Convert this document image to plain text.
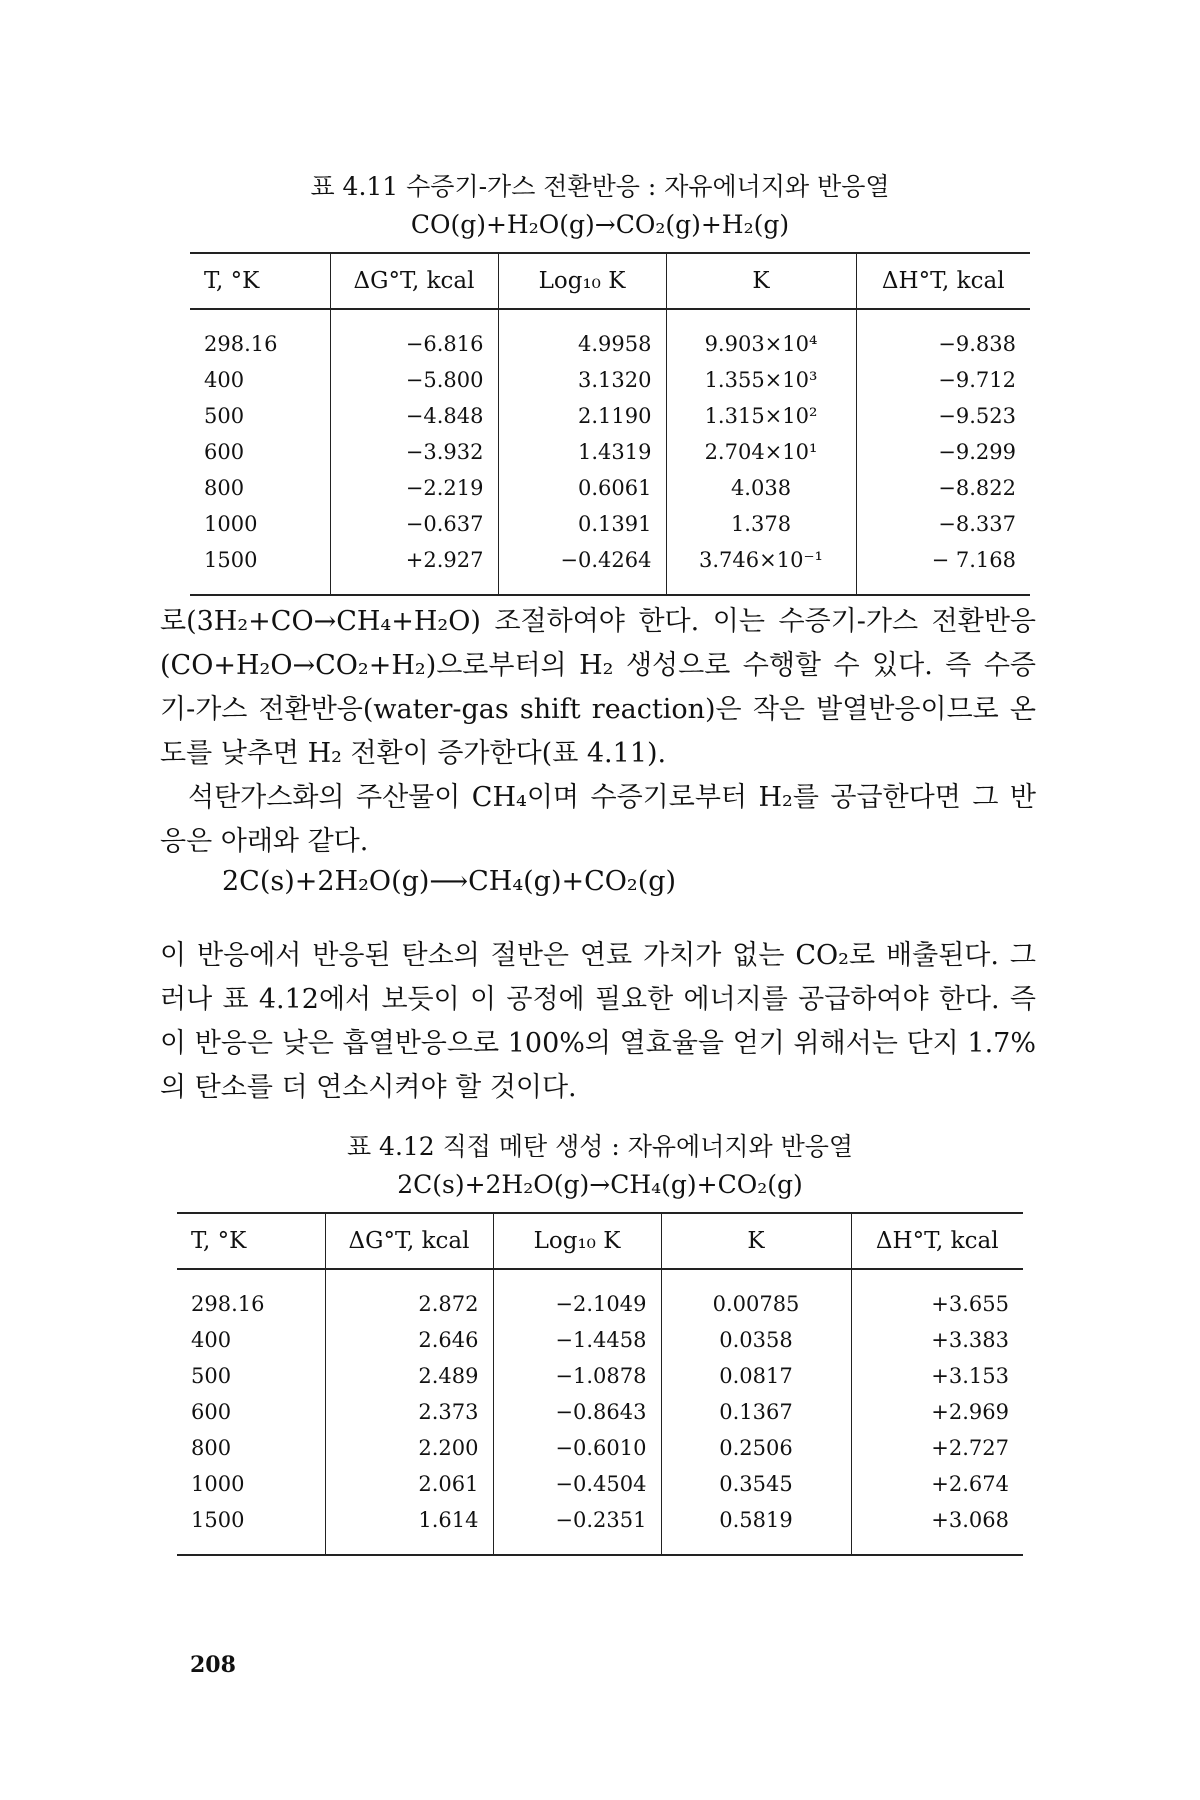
표 4.11 수증기-가스 전환반응 : 자유에너지와 반응열
CO(g)+H₂O(g)→CO₂(g)+H₂(g)
T, °K	ΔG°T, kcal	Log₁₀ K	K	ΔH°T, kcal
298.16	−6.816	4.9958	9.903×10⁴	−9.838
400	−5.800	3.1320	1.355×10³	−9.712
500	−4.848	2.1190	1.315×10²	−9.523
600	−3.932	1.4319	2.704×10¹	−9.299
800	−2.219	0.6061	4.038	−8.822
1000	−0.637	0.1391	1.378	−8.337
1500	+2.927	−0.4264	3.746×10⁻¹	− 7.168

로(3H₂+CO→CH₄+H₂O) 조절하여야 한다. 이는 수증기-가스 전환반응(CO+H₂O→CO₂+H₂)으로부터의 H₂ 생성으로 수행할 수 있다. 즉 수증기-가스 전환반응(water-gas shift reaction)은 작은 발열반응이므로 온도를 낮추면 H₂ 전환이 증가한다(표 4.11).

석탄가스화의 주산물이 CH₄이며 수증기로부터 H₂를 공급한다면 그 반응은 아래와 같다.

2C(s)+2H₂O(g)⟶CH₄(g)+CO₂(g)

이 반응에서 반응된 탄소의 절반은 연료 가치가 없는 CO₂로 배출된다. 그러나 표 4.12에서 보듯이 이 공정에 필요한 에너지를 공급하여야 한다. 즉 이 반응은 낮은 흡열반응으로 100%의 열효율을 얻기 위해서는 단지 1.7%의 탄소를 더 연소시켜야 할 것이다.

표 4.12 직접 메탄 생성 : 자유에너지와 반응열
2C(s)+2H₂O(g)→CH₄(g)+CO₂(g)
T, °K	ΔG°T, kcal	Log₁₀ K	K	ΔH°T, kcal
298.16	2.872	−2.1049	0.00785	+3.655
400	2.646	−1.4458	0.0358	+3.383
500	2.489	−1.0878	0.0817	+3.153
600	2.373	−0.8643	0.1367	+2.969
800	2.200	−0.6010	0.2506	+2.727
1000	2.061	−0.4504	0.3545	+2.674
1500	1.614	−0.2351	0.5819	+3.068
208
